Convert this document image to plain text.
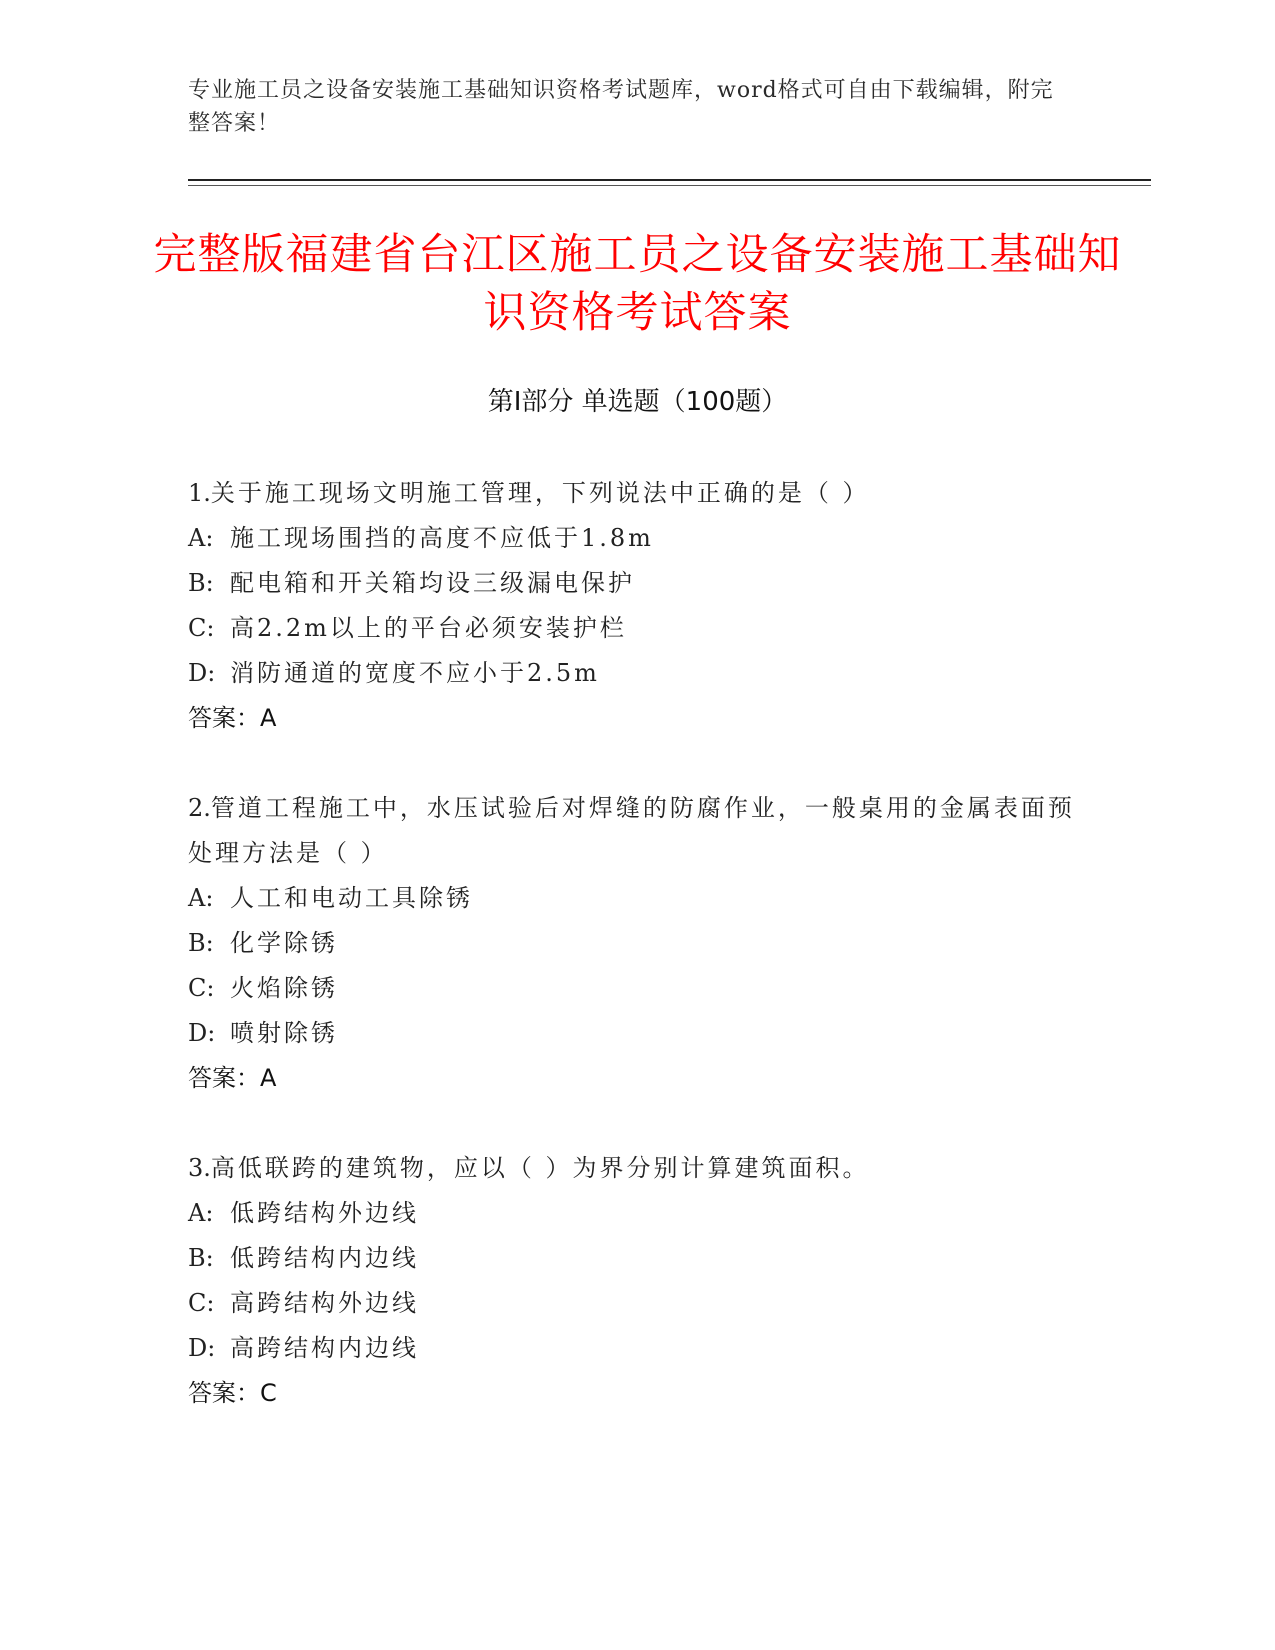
专业施工员之设备安装施工基础知识资格考试题库，word格式可自由下载编辑，附完整答案！
完整版福建省台江区施工员之设备安装施工基础知识资格考试答案
第Ⅰ部分 单选题（100题）
1.关于施工现场文明施工管理，下列说法中正确的是（ ）
A: 施工现场围挡的高度不应低于1.8m
B: 配电箱和开关箱均设三级漏电保护
C: 高2.2m以上的平台必须安装护栏
D: 消防通道的宽度不应小于2.5m
答案：A
2.管道工程施工中，水压试验后对焊缝的防腐作业，一般桌用的金属表面预处理方法是（ ）
A: 人工和电动工具除锈
B: 化学除锈
C: 火焰除锈
D: 喷射除锈
答案：A
3.高低联跨的建筑物，应以（ ）为界分别计算建筑面积。
A: 低跨结构外边线
B: 低跨结构内边线
C: 高跨结构外边线
D: 高跨结构内边线
答案：C
